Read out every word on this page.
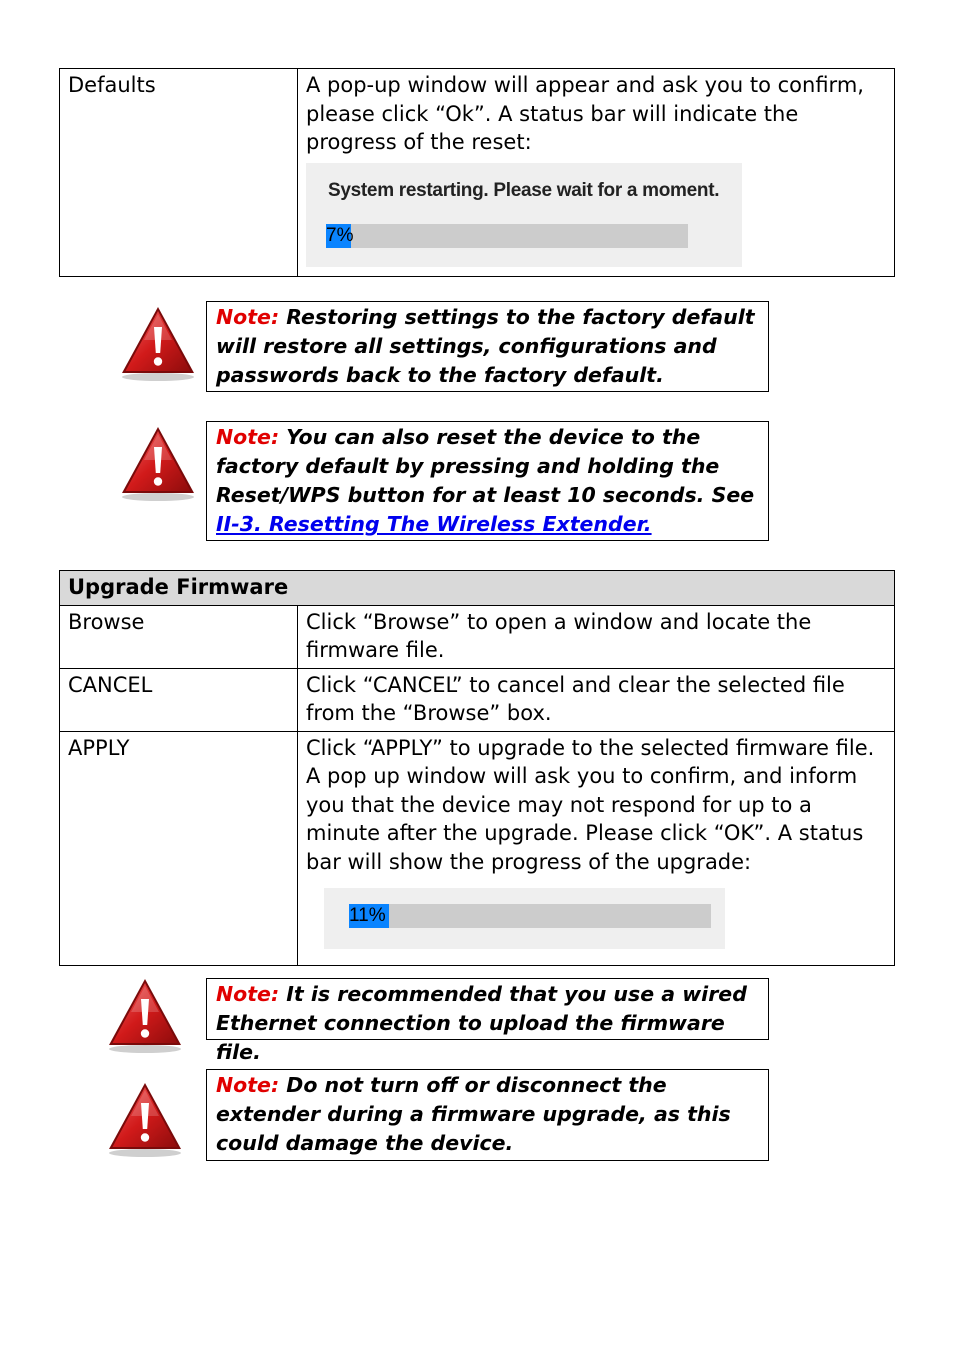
Defaults	A pop-up window will appear and ask you to confirm, please click “Ok”. A status bar will indicate the progress of the reset:
System restarting. Please wait for a moment.
7%
Note: Restoring settings to the factory default will restore all settings, configurations and passwords back to the factory default.
Note: You can also reset the device to the factory default by pressing and holding the Reset/WPS button for at least 10 seconds. See II-3. Resetting The Wireless Extender.
Upgrade Firmware	
Browse	Click “Browse” to open a window and locate the firmware file.
CANCEL	Click “CANCEL” to cancel and clear the selected file from the “Browse” box.
APPLY	Click “APPLY” to upgrade to the selected firmware file. A pop up window will ask you to confirm, and inform you that the device may not respond for up to a minute after the upgrade. Please click “OK”. A status bar will show the progress of the upgrade:
11%
Note: It is recommended that you use a wired Ethernet connection to upload the firmware file.
Note: Do not turn off or disconnect the extender during a firmware upgrade, as this could damage the device.
